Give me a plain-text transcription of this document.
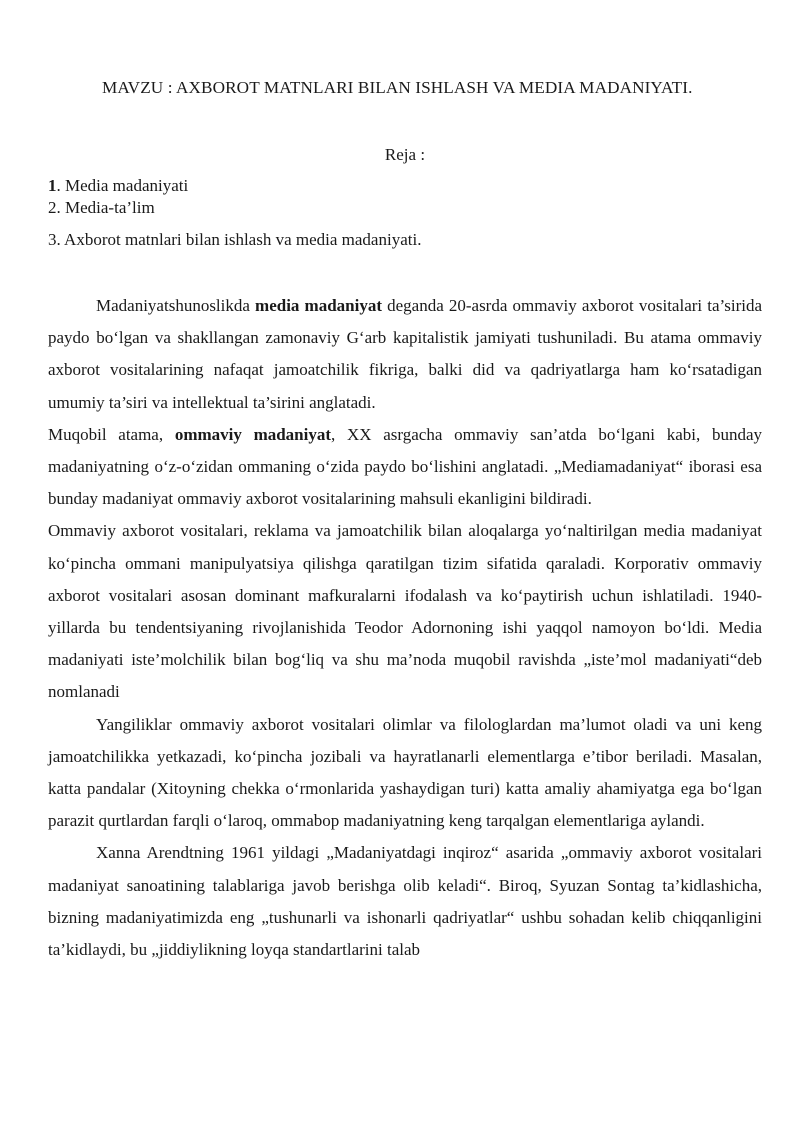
MAVZU : AXBOROT MATNLARI BILAN ISHLASH VA MEDIA MADANIYATI.
Reja :
1. Media madaniyati
2. Media-ta’lim
3. Axborot matnlari bilan ishlash va media madaniyati.

Madaniyatshunoslikda media madaniyat deganda 20-asrda ommaviy axborot vositalari ta’sirida paydo bo‘lgan va shakllangan zamonaviy G‘arb kapitalistik jamiyati tushuniladi. Bu atama ommaviy axborot vositalarining nafaqat jamoatchilik fikriga, balki did va qadriyatlarga ham ko‘rsatadigan umumiy ta’siri va intellektual ta’sirini anglatadi.

Muqobil atama, ommaviy madaniyat, XX asrgacha ommaviy san’atda bo‘lgani kabi, bunday madaniyatning o‘z-o‘zidan ommaning o‘zida paydo bo‘lishini anglatadi. „Mediamadaniyat“ iborasi esa bunday madaniyat ommaviy axborot vositalarining mahsuli ekanligini bildiradi.

Ommaviy axborot vositalari, reklama va jamoatchilik bilan aloqalarga yo‘naltirilgan media madaniyat ko‘pincha ommani manipulyatsiya qilishga qaratilgan tizim sifatida qaraladi. Korporativ ommaviy axborot vositalari asosan dominant mafkuralarni ifodalash va ko‘paytirish uchun ishlatiladi. 1940-yillarda bu tendentsiyaning rivojlanishida Teodor Adornoning ishi yaqqol namoyon bo‘ldi. Media madaniyati iste’molchilik bilan bog‘liq va shu ma’noda muqobil ravishda „iste’mol madaniyati“deb nomlanadi

Yangiliklar ommaviy axborot vositalari olimlar va filologlardan ma’lumot oladi va uni keng jamoatchilikka yetkazadi, ko‘pincha jozibali va hayratlanarli elementlarga e’tibor beriladi. Masalan, katta pandalar (Xitoyning chekka o‘rmonlarida yashaydigan turi) katta amaliy ahamiyatga ega bo‘lgan parazit qurtlardan farqli o‘laroq, ommabop madaniyatning keng tarqalgan elementlariga aylandi.

Xanna Arendtning 1961 yildagi „Madaniyatdagi inqiroz“ asarida „ommaviy axborot vositalari madaniyat sanoatining talablariga javob berishga olib keladi“. Biroq, Syuzan Sontag ta’kidlashicha, bizning madaniyatimizda eng „tushunarli va ishonarli qadriyatlar“ ushbu sohadan kelib chiqqanligini ta’kidlaydi, bu „jiddiylikning loyqa standartlarini talab
